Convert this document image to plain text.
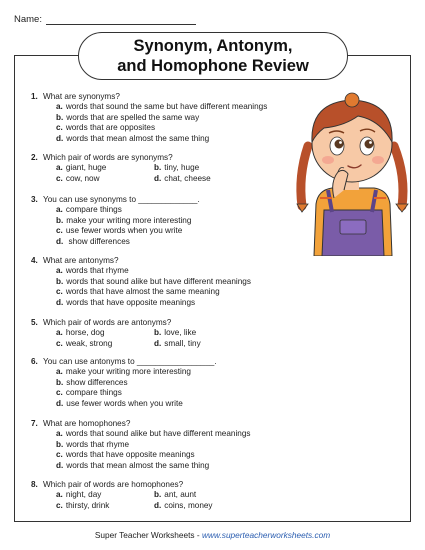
Name:
Synonym, Antonym,
and Homophone Review
1. What are synonyms?
a. words that sound the same but have different meanings
b. words that are spelled the same way
c. words that are opposites
d. words that mean almost the same thing
2. Which pair of words are synonyms?
a. giant, huge	b. tiny, huge
c. cow, now	d. chat, cheese
3. You can use synonyms to _____________.
a. compare things
b. make your writing more interesting
c. use fewer words when you write
d. show differences
4. What are antonyms?
a. words that rhyme
b. words that sound alike but have different meanings
c. words that have almost the same meaning
d. words that have opposite meanings
5. Which pair of words are antonyms?
a. horse, dog	b. love, like
c. weak, strong	d. small, tiny
6. You can use antonyms to _________________.
a. make your writing more interesting
b. show differences
c. compare things
d. use fewer words when you write
7. What are homophones?
a. words that sound alike but have different meanings
b. words that rhyme
c. words that have opposite meanings
d. words that mean almost the same thing
8. Which pair of words are homophones?
a. night, day	b. ant, aunt
c. thirsty, drink	d. coins, money
Super Teacher Worksheets - www.superteacherworksheets.com
